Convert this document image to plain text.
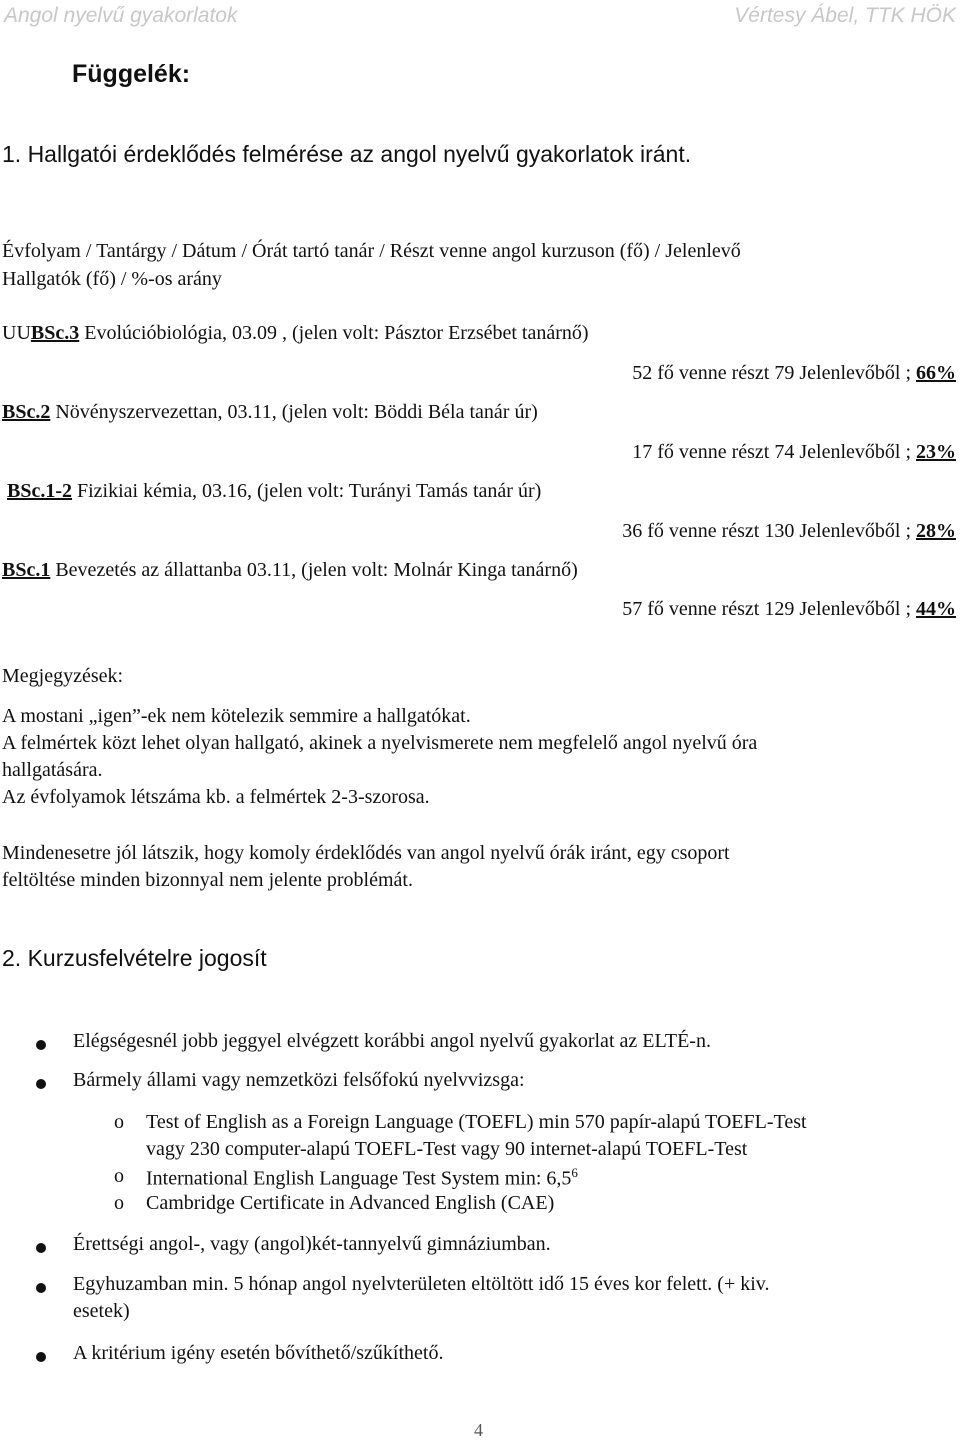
Angol nyelvű gyakorlatok	Vértesy Ábel, TTK HÖK
Függelék:
1. Hallgatói érdeklődés felmérése az angol nyelvű gyakorlatok iránt.
Évfolyam / Tantárgy / Dátum / Órát tartó tanár / Részt venne angol kurzuson (fő) / Jelenlevő
Hallgatók (fő) / %-os arány
UUBSc.3 Evolúcióbiológia, 03.09 , (jelen volt: Pásztor Erzsébet tanárnő)
52 fő venne részt 79 Jelenlevőből ; 66%
BSc.2 Növényszervezettan, 03.11, (jelen volt: Böddi Béla tanár úr)
17 fő venne részt 74 Jelenlevőből ; 23%
BSc.1-2 Fizikiai kémia, 03.16, (jelen volt: Turányi Tamás tanár úr)
36 fő venne részt 130 Jelenlevőből ; 28%
BSc.1 Bevezetés az állattanba 03.11, (jelen volt: Molnár Kinga tanárnő)
57 fő venne részt 129 Jelenlevőből ; 44%
Megjegyzések:
A mostani „igen”-ek nem kötelezik semmire a hallgatókat.
A felmértek közt lehet olyan hallgató, akinek a nyelvismerete nem megfelelő angol nyelvű óra
hallgatására.
Az évfolyamok létszáma kb. a felmértek 2-3-szorosa.
Mindenesetre jól látszik, hogy komoly érdeklődés van angol nyelvű órák iránt, egy csoport
feltöltése minden bizonnyal nem jelente problémát.
2. Kurzusfelvételre jogosít
Elégségesnél jobb jeggyel elvégzett korábbi angol nyelvű gyakorlat az ELTÉ-n.
Bármely állami vagy nemzetközi felsőfokú nyelvvizsga:
o Test of English as a Foreign Language (TOEFL) min 570 papír-alapú TOEFL-Test
vagy 230 computer-alapú TOEFL-Test vagy 90 internet-alapú TOEFL-Test
o International English Language Test System min: $6,5^6$
o Cambridge Certificate in Advanced English (CAE)
Érettségi angol-, vagy (angol)két-tannyelvű gimnáziumban.
Egyhuzamban min. 5 hónap angol nyelvterületen eltöltött idő 15 éves kor felett. (+ kiv.
esetek)
A kritérium igény esetén bővíthető/szűkíthető.
4
